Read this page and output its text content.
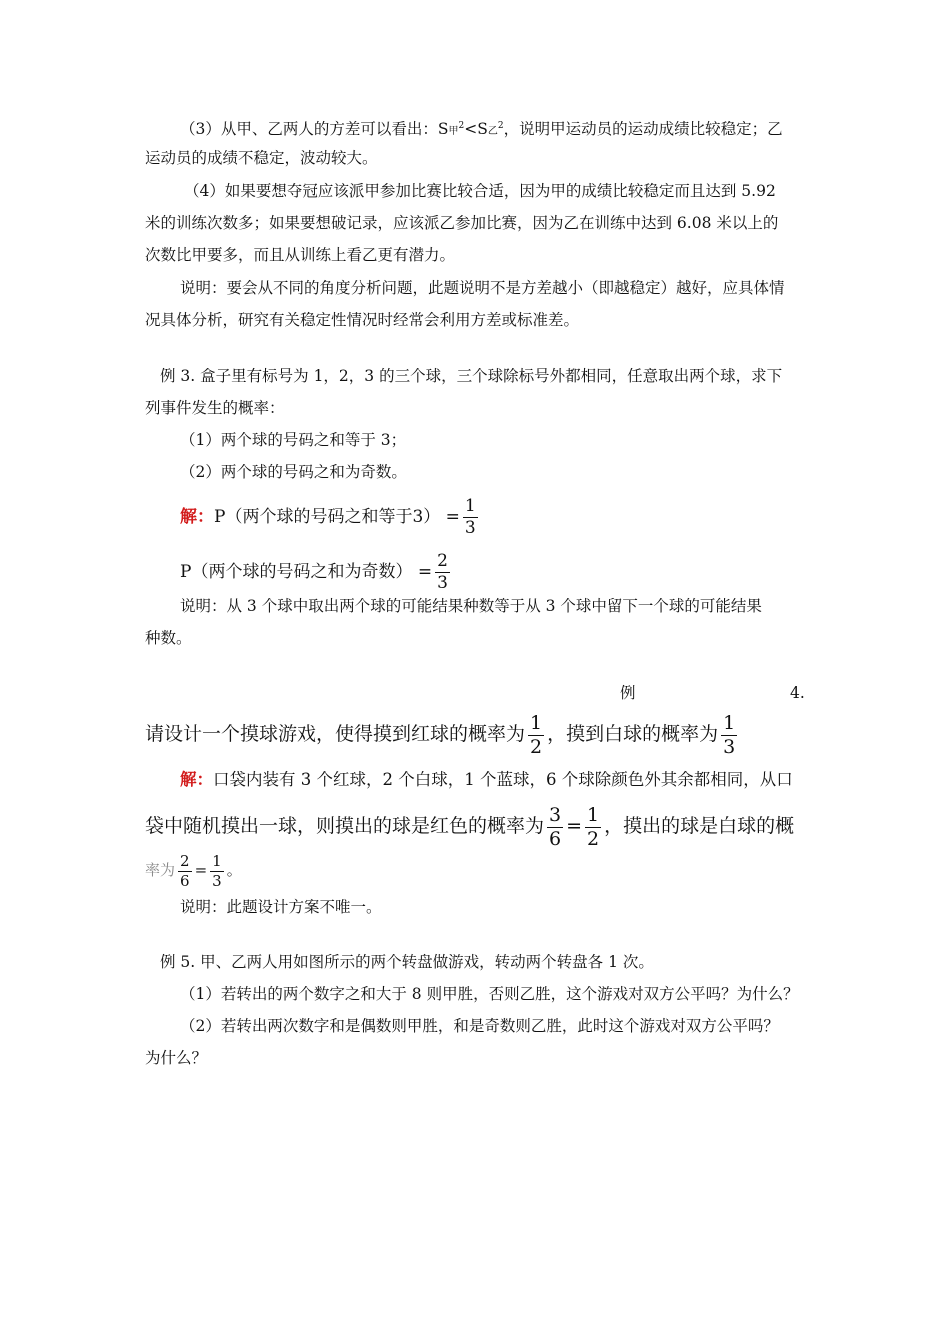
（3）从甲、乙两人的方差可以看出：S甲$^2$<S乙$^2$，说明甲运动员的运动成绩比较稳定；乙
运动员的成绩不稳定，波动较大。
（4）如果要想夺冠应该派甲参加比赛比较合适，因为甲的成绩比较稳定而且达到 5.92
米的训练次数多；如果要想破记录，应该派乙参加比赛，因为乙在训练中达到 6.08 米以上的
次数比甲要多，而且从训练上看乙更有潜力。
说明：要会从不同的角度分析问题，此题说明不是方差越小（即越稳定）越好，应具体情
况具体分析，研究有关稳定性情况时经常会利用方差或标准差。
例 3. 盒子里有标号为 1，2，3 的三个球，三个球除标号外都相同，任意取出两个球，求下
列事件发生的概率：
（1）两个球的号码之和等于 3；
（2）两个球的号码之和为奇数。
解：P（两个球的号码之和等于$3) = \frac{1}{3}$
P（两个球的号码之和为奇数） = $\frac{2}{3}$
说明：从 3 个球中取出两个球的可能结果种数等于从 3 个球中留下一个球的可能结果
种数。
例	4.
请设计一个摸球游戏，使得摸到红球的概率为 $\frac{1}{2}$ ，摸到白球的概率为 $\frac{1}{3}$
解：口袋内装有 3 个红球，2 个白球，1 个蓝球，6 个球除颜色外其余都相同，从口
袋中随机摸出一球，则摸出的球是红色的概率为 $\frac{3}{6} = \frac{1}{2}$ ，摸出的球是白球的概
率为 $\frac{2}{6} = \frac{1}{3}$ 。
说明：此题设计方案不唯一。
例 5. 甲、乙两人用如图所示的两个转盘做游戏，转动两个转盘各 1 次。
（1）若转出的两个数字之和大于 8 则甲胜，否则乙胜，这个游戏对双方公平吗？为什么？
（2）若转出两次数字和是偶数则甲胜，和是奇数则乙胜，此时这个游戏对双方公平吗？
为什么？
